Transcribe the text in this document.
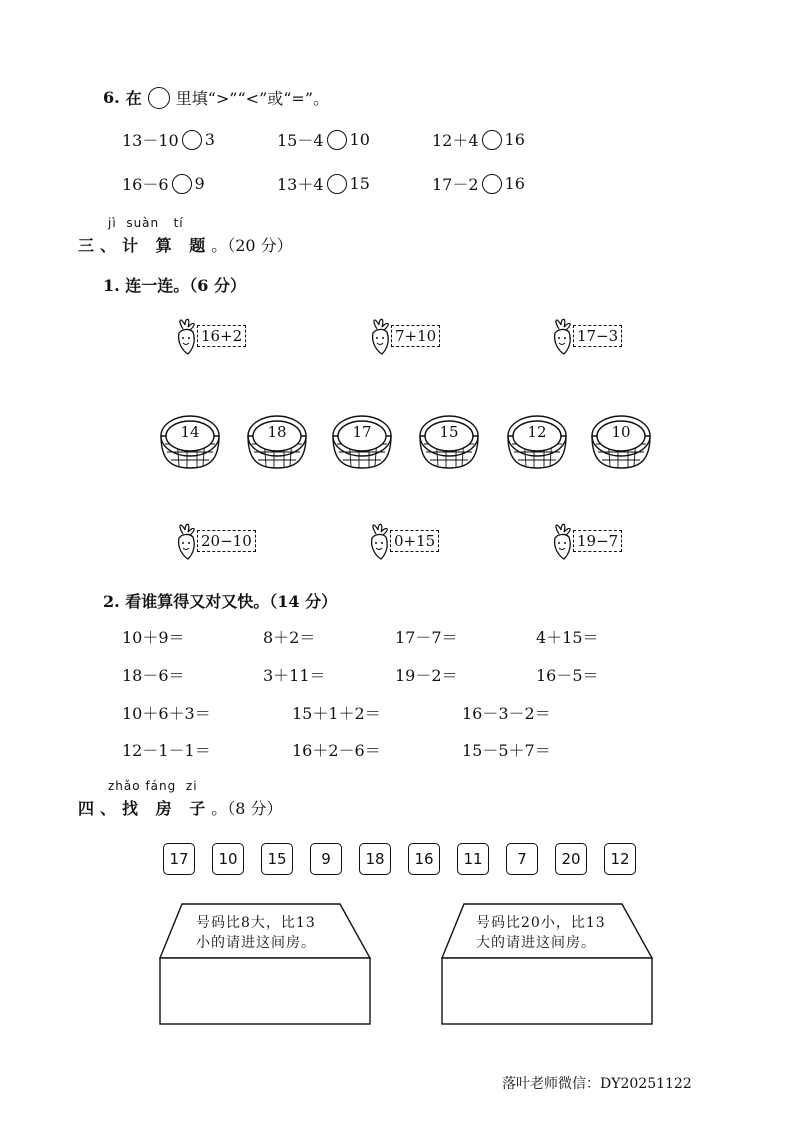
6. 在 里填“>”“<”或“=”。
13－10 3	15－4 10	12＋4 16
16－6 9	13＋4 15	17－2 16
jì suàn tí
三、计 算 题。（20 分）
1. 连一连。（6 分）
16+2	7+10	17−3
14	18	17	15	12	10
20−10	0+15	19−7
2. 看谁算得又对又快。（14 分）
10＋9＝	8＋2＝	17－7＝	4＋15＝
18－6＝	3＋11＝	19－2＝	16－5＝
10＋6＋3＝	15＋1＋2＝	16－3－2＝
12－1－1＝	16＋2－6＝	15－5＋7＝
zhǎo fáng zi
四、找 房 子。（8 分）
17	10	15	9	18	16	11	7	20	12
号码比8大，比13
小的请进这间房。
号码比20小，比13
大的请进这间房。
落叶老师微信：DY20251122
